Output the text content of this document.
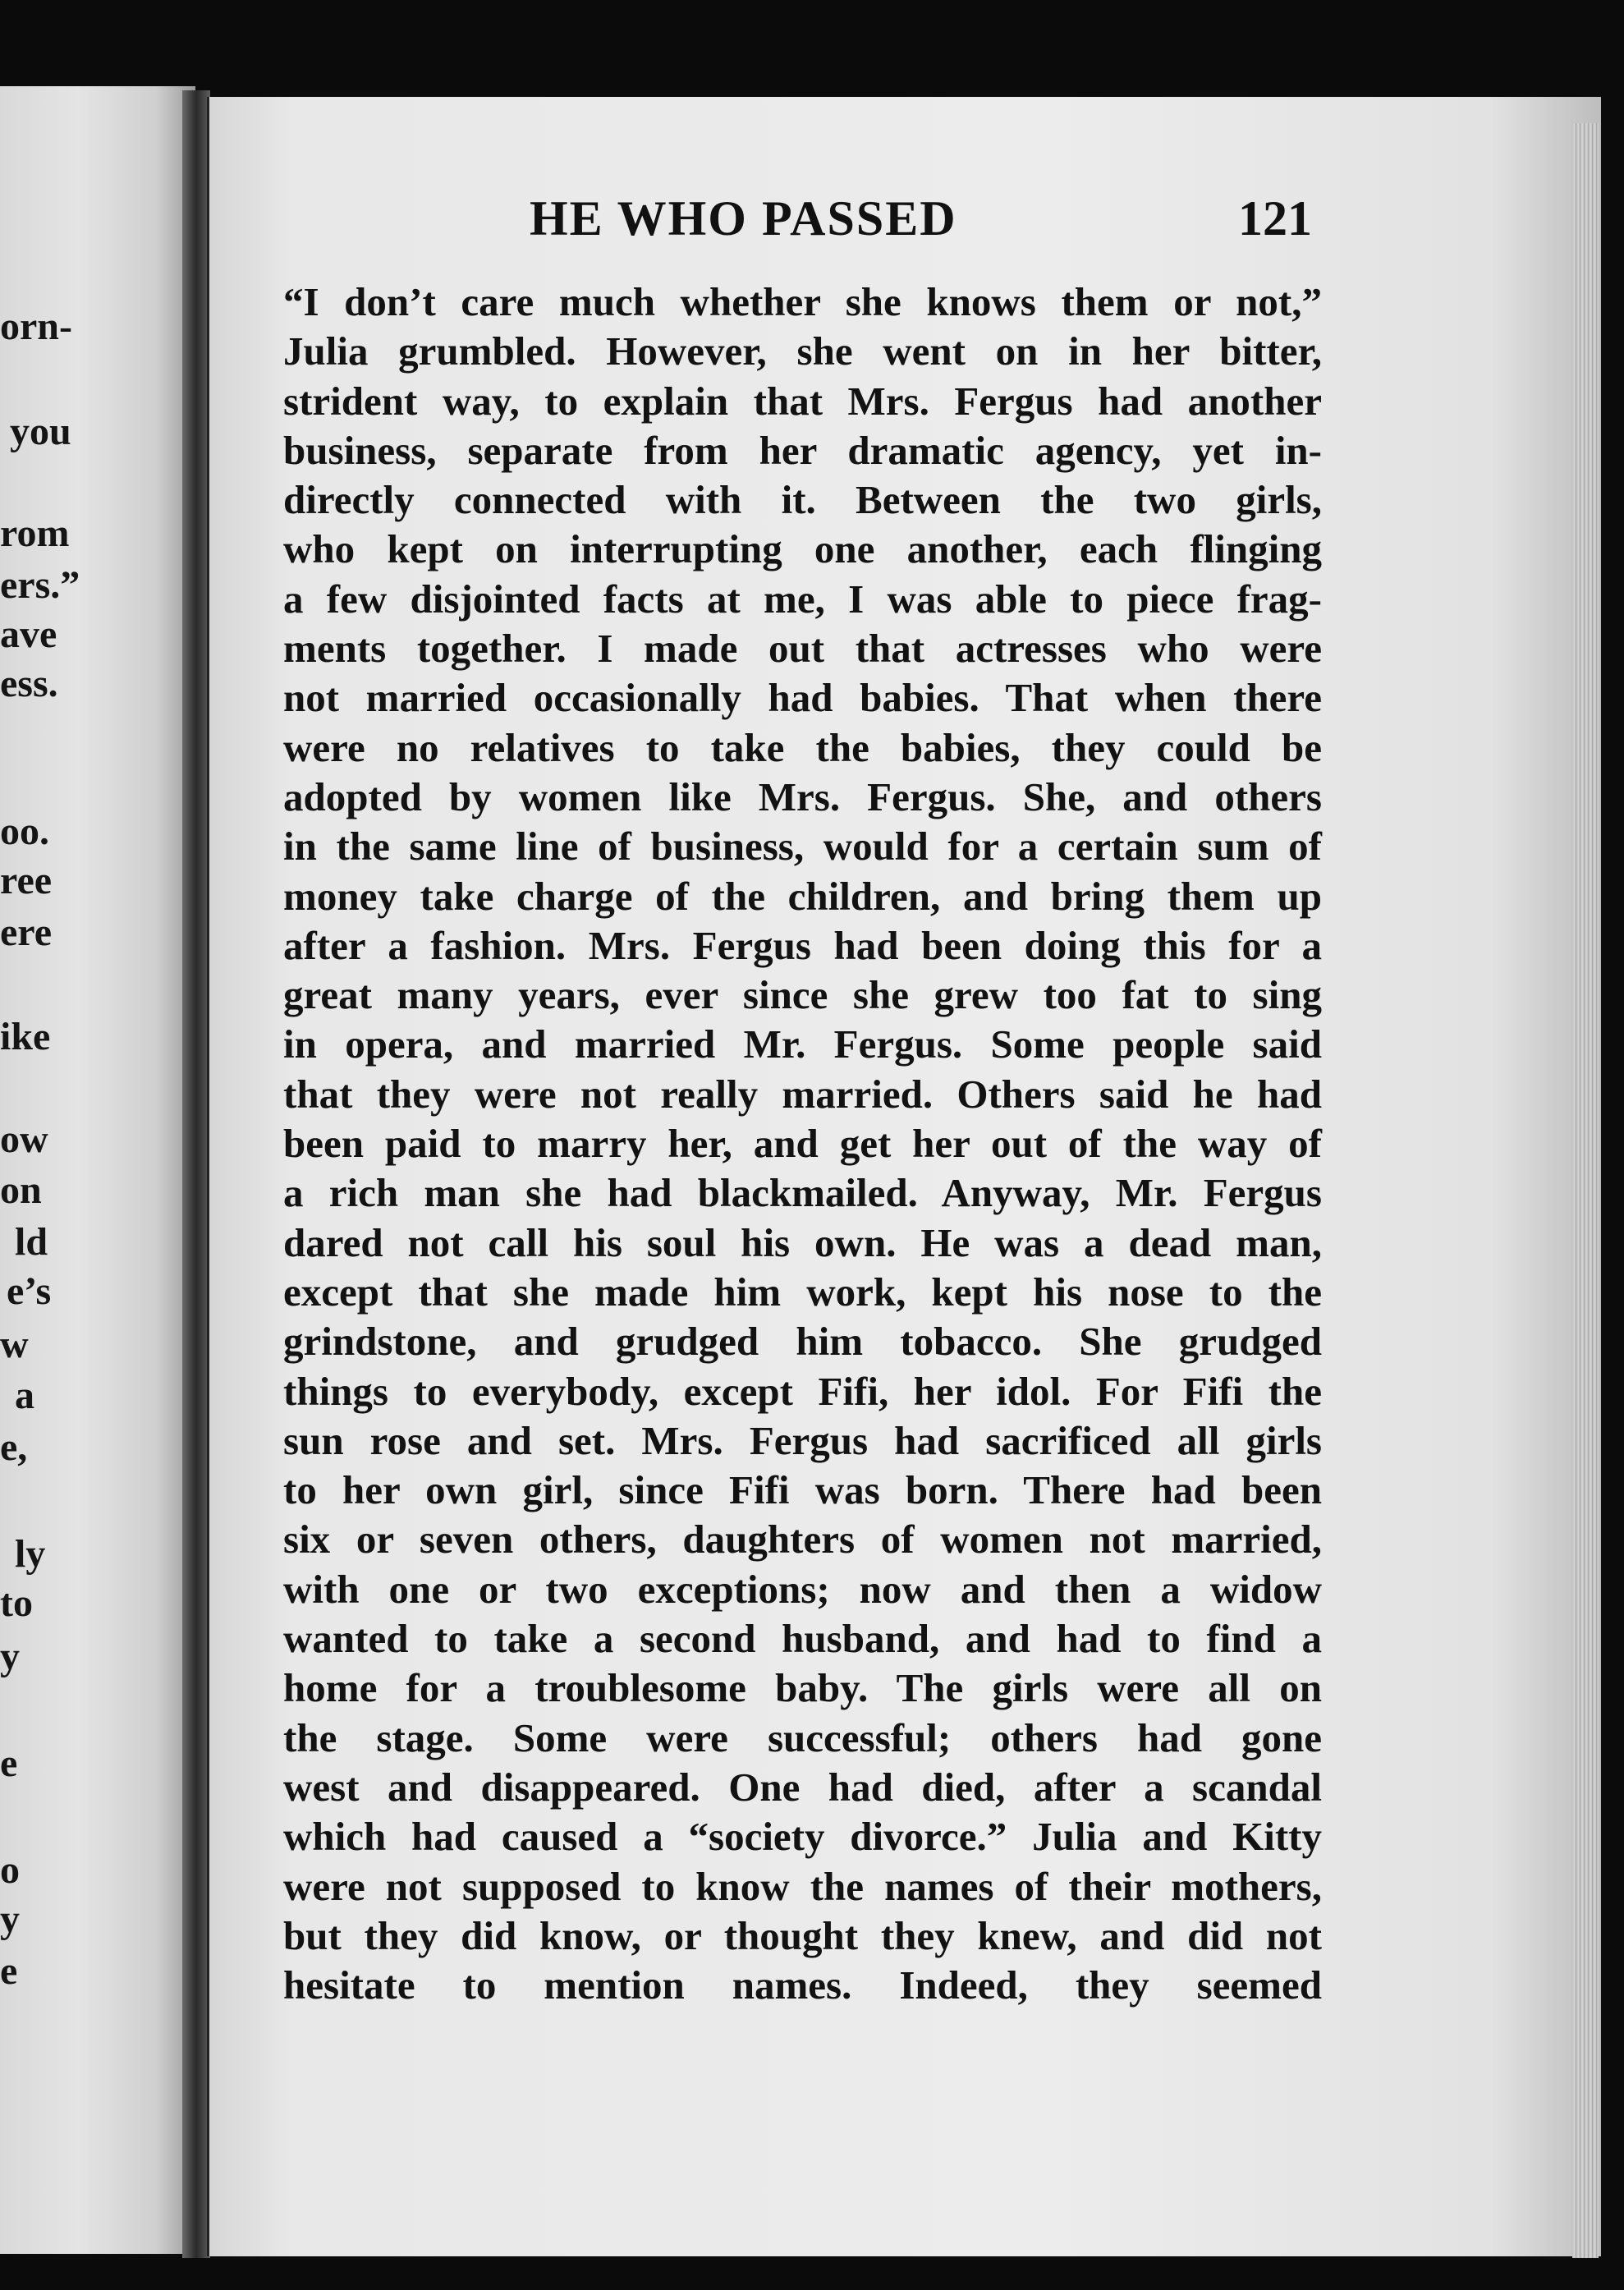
orn-
you
rom
ers.”
ave
ess.
oo.
ree
ere
ike
ow
on
ld
e’s
w
a
e,
ly
to
y
e
o
y
e
HE WHO PASSED	121
“I don’t care much whether she knows them or not,”
Julia grumbled. However, she went on in her bitter,
strident way, to explain that Mrs. Fergus had another
business, separate from her dramatic agency, yet in-
directly connected with it. Between the two girls,
who kept on interrupting one another, each flinging
a few disjointed facts at me, I was able to piece frag-
ments together. I made out that actresses who were
not married occasionally had babies. That when there
were no relatives to take the babies, they could be
adopted by women like Mrs. Fergus. She, and others
in the same line of business, would for a certain sum of
money take charge of the children, and bring them up
after a fashion. Mrs. Fergus had been doing this for a
great many years, ever since she grew too fat to sing
in opera, and married Mr. Fergus. Some people said
that they were not really married. Others said he had
been paid to marry her, and get her out of the way of
a rich man she had blackmailed. Anyway, Mr. Fergus
dared not call his soul his own. He was a dead man,
except that she made him work, kept his nose to the
grindstone, and grudged him tobacco. She grudged
things to everybody, except Fifi, her idol. For Fifi the
sun rose and set. Mrs. Fergus had sacrificed all girls
to her own girl, since Fifi was born. There had been
six or seven others, daughters of women not married,
with one or two exceptions; now and then a widow
wanted to take a second husband, and had to find a
home for a troublesome baby. The girls were all on
the stage. Some were successful; others had gone
west and disappeared. One had died, after a scandal
which had caused a “society divorce.” Julia and Kitty
were not supposed to know the names of their mothers,
but they did know, or thought they knew, and did not
hesitate to mention names. Indeed, they seemed
